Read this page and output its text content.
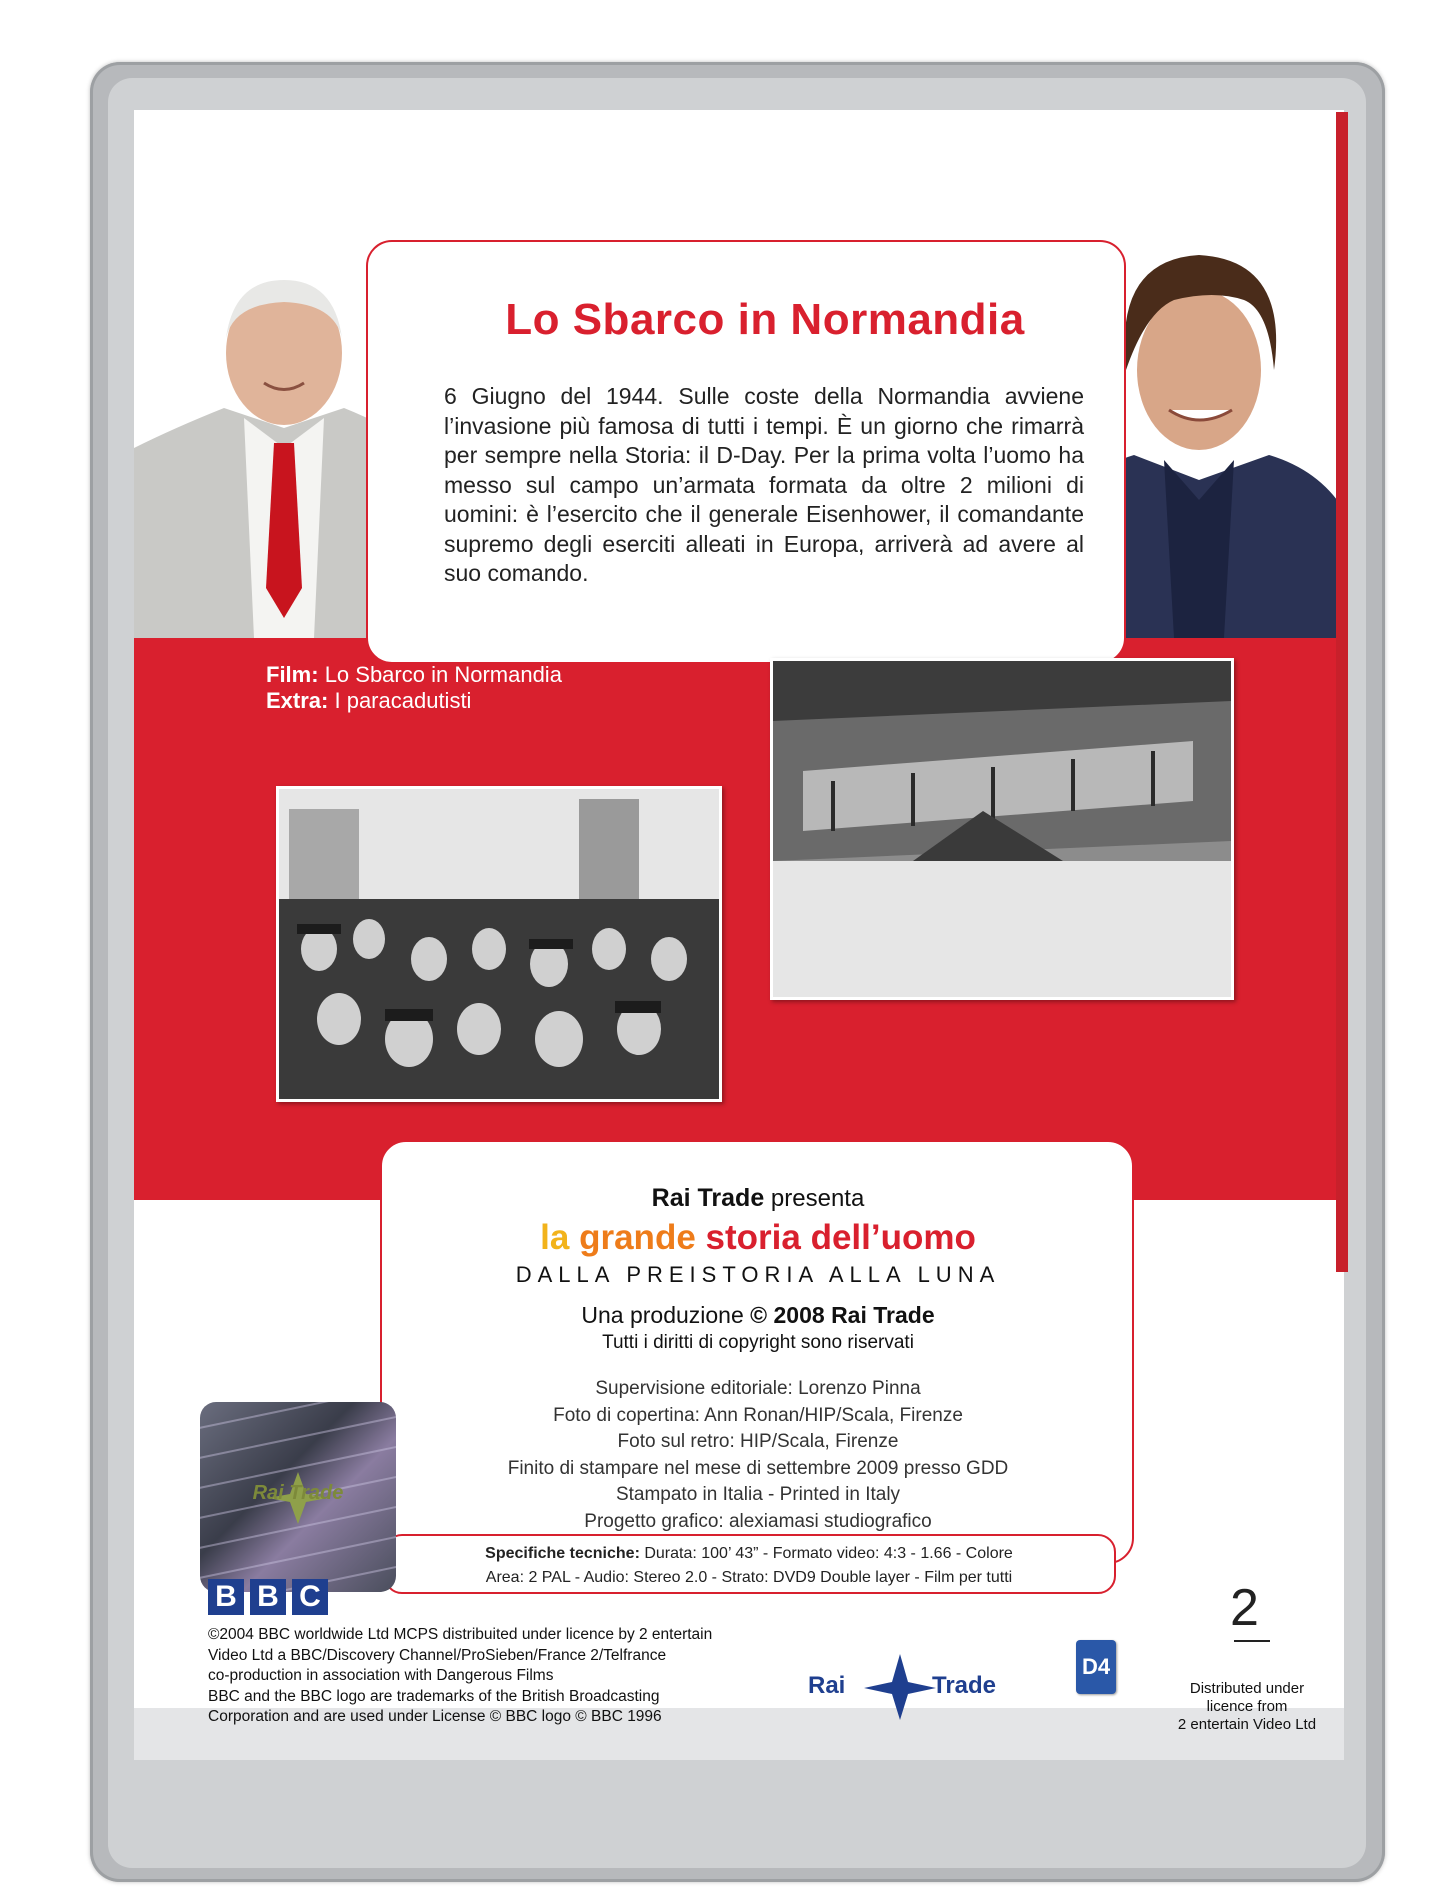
Lo Sbarco in Normandia
6 Giugno del 1944. Sulle coste della Normandia avviene l’invasione più famosa di tutti i tempi. È un giorno che rimarrà per sempre nella Storia: il D-Day. Per la prima volta l’uomo ha messo sul campo un’armata formata da oltre 2 milioni di uomini: è l’esercito che il generale Eisenhower, il comandante supremo degli eserciti alleati in Europa, arriverà ad avere al suo comando.
Film: Lo Sbarco in Normandia
Extra: I paracadutisti
Rai Trade presenta
la grande storia dell’uomo
DALLA PREISTORIA ALLA LUNA
Una produzione © 2008 Rai Trade
Tutti i diritti di copyright sono riservati
Supervisione editoriale: Lorenzo Pinna
Foto di copertina: Ann Ronan/HIP/Scala, Firenze
Foto sul retro: HIP/Scala, Firenze
Finito di stampare nel mese di settembre 2009 presso GDD
Stampato in Italia - Printed in Italy
Progetto grafico: alexiamasi studiografico
Specifiche tecniche: Durata: 100’ 43” - Formato video: 4:3 - 1.66 - Colore
Area: 2 PAL - Audio: Stereo 2.0 - Strato: DVD9 Double layer - Film per tutti
Rai Trade
B B C
©2004 BBC worldwide Ltd MCPS distribuited under licence by 2 entertain
Video Ltd a BBC/Discovery Channel/ProSieben/France 2/Telfrance
co-production in association with Dangerous Films
BBC and the BBC logo are trademarks of the British Broadcasting
Corporation and are used under License © BBC logo © BBC 1996
Rai	Trade
D4
2
Distributed under
licence from
2 entertain Video Ltd
